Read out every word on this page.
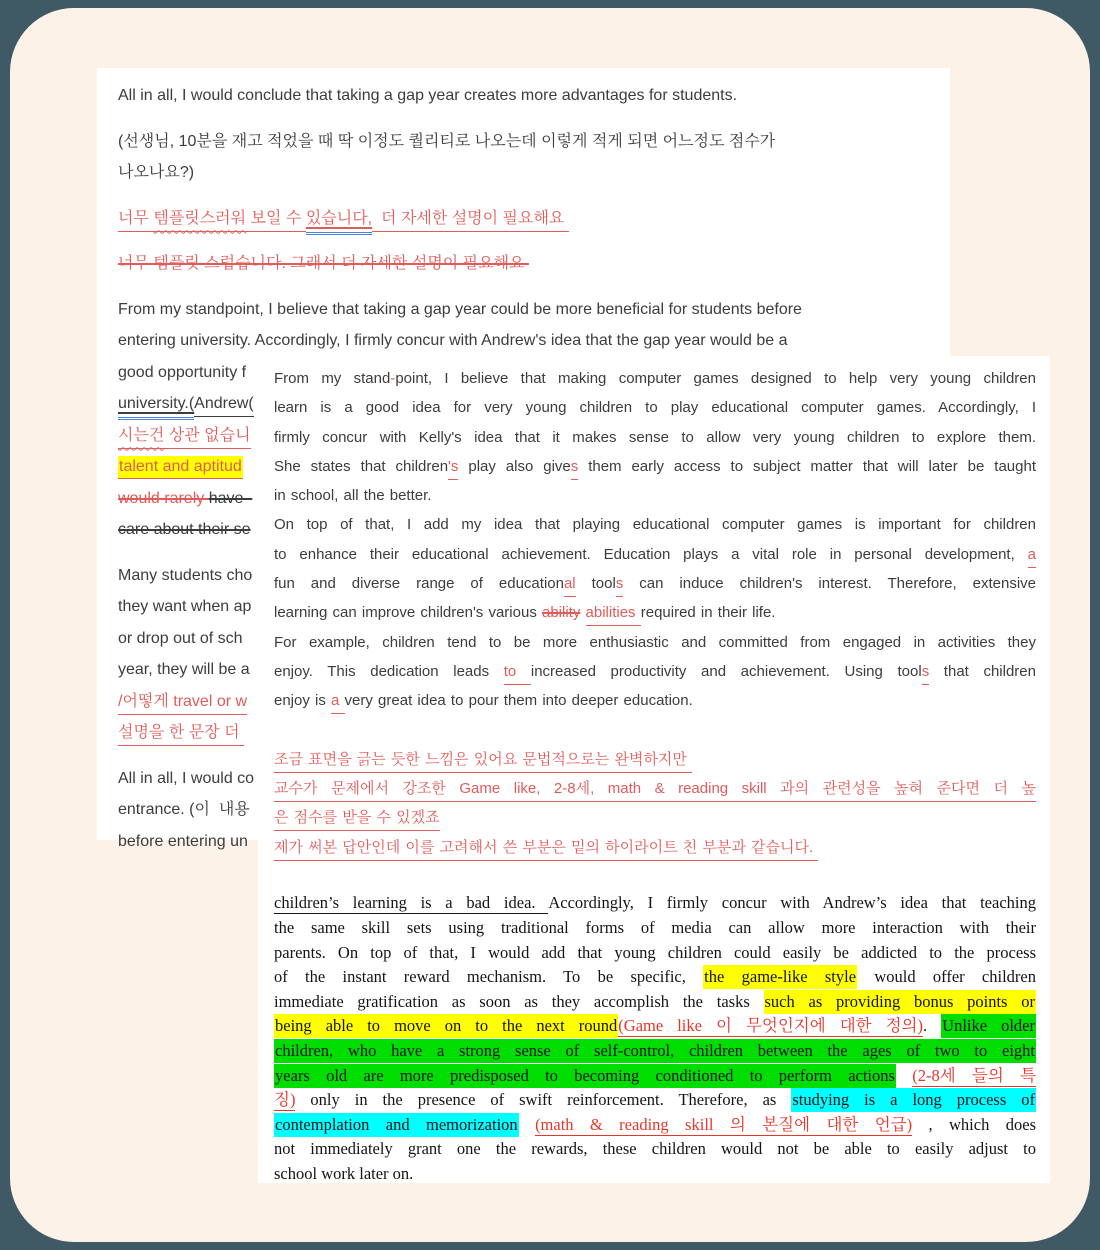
All in all, I would conclude that taking a gap year creates more advantages for students.
(선생님, 10분을 재고 적었을 때 딱 이정도 퀄리티로 나오는데 이렇게 적게 되면 어느정도 점수가
나오나요?)
너무 템플릿스러워 보일 수 있습니다,  더 자세한 설명이 필요해요
너무 템플릿 스럽습니다. 그래서 더 자세한 설명이 필요해요
From my standpoint, I believe that taking a gap year could be more beneficial for students before
entering university. Accordingly, I firmly concur with Andrew's idea that the gap year would be a
good opportunity f
university.(Andrew(
시는건 상관 없습니
talent and aptitud
would rarely have
care about their se
Many students cho
they want when ap
or drop out of sch
year, they will be a
/어떻게 travel or w
설명을 한 문장 더
All in all, I would co
entrance. (이  내용
before entering un
From my stand-point, I believe that making computer games designed to help very young children
learn is a good idea for very young children to play educational computer games. Accordingly, I
firmly concur with Kelly's idea that it makes sense to allow very young children to explore them.
She states that children's play also gives them early access to subject matter that will later be taught
in school, all the better.
On top of that, I add my idea that playing educational computer games is important for children
to enhance their educational achievement. Education plays a vital role in personal development, a
fun and diverse range of educational tools can induce children's interest. Therefore, extensive
learning can improve children's various ability abilities required in their life.
For example, children tend to be more enthusiastic and committed from engaged in activities they
enjoy. This dedication leads to increased productivity and achievement. Using tools that children
enjoy is a very great idea to pour them into deeper education.

조금 표면을 긁는 듯한 느낌은 있어요 문법적으로는 완벽하지만
교수가 문제에서 강조한 Game like, 2-8세, math & reading skill 과의 관련성을 높혀 준다면 더 높
은 점수를 받을 수 있겠죠
제가 써본 답안인데 이를 고려해서 쓴 부분은 밑의 하이라이트 친 부분과 같습니다.

children’s learning is a bad idea. Accordingly, I firmly concur with Andrew’s idea that teaching
the same skill sets using traditional forms of media can allow more interaction with their
parents. On top of that, I would add that young children could easily be addicted to the process
of the instant reward mechanism. To be specific, the game-like style would offer children
immediate gratification as soon as they accomplish the tasks such as providing bonus points or
being able to move on to the next round(Game like 이 무엇인지에 대한 정의). Unlike older
children, who have a strong sense of self-control, children between the ages of two to eight
years old are more predisposed to becoming conditioned to perform actions (2-8세 들의 특
징) only in the presence of swift reinforcement. Therefore, as studying is a long process of
contemplation and memorization (math & reading skill 의 본질에 대한 언급) , which does
not immediately grant one the rewards, these children would not be able to easily adjust to
school work later on.
